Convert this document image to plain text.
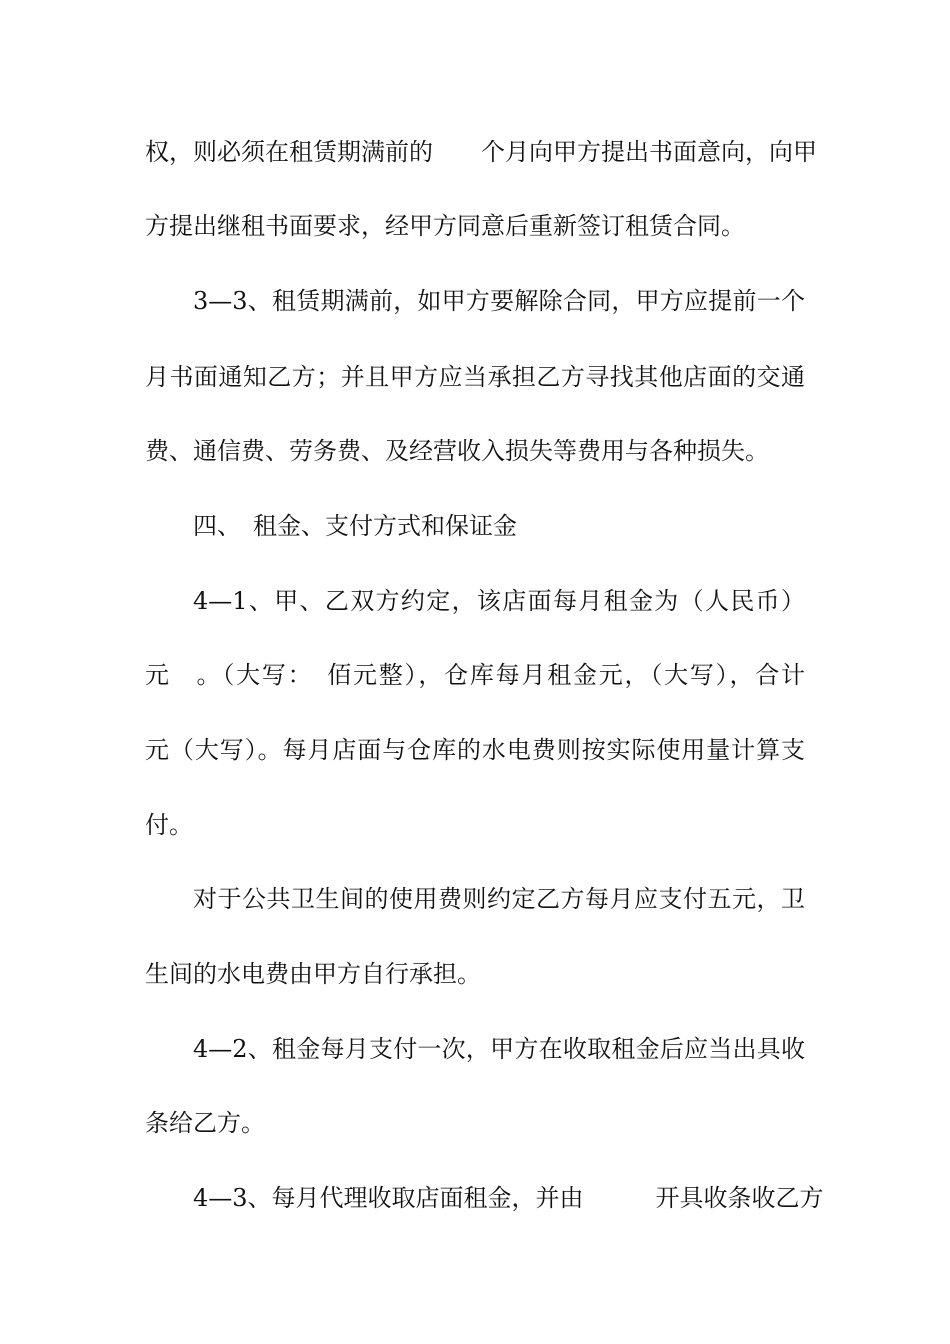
权，则必须在租赁期满前的　　个月向甲方提出书面意向，向甲
方提出继租书面要求，经甲方同意后重新签订租赁合同。
3—3、租赁期满前，如甲方要解除合同，甲方应提前一个
月书面通知乙方；并且甲方应当承担乙方寻找其他店面的交通
费、通信费、劳务费、及经营收入损失等费用与各种损失。
四、　租金、支付方式和保证金
4—1、甲、乙双方约定，该店面每月租金为（人民币）
元　。（大写：　佰元整），仓库每月租金元，（大写），合计
元（大写）。每月店面与仓库的水电费则按实际使用量计算支
付。
对于公共卫生间的使用费则约定乙方每月应支付五元，卫
生间的水电费由甲方自行承担。
4—2、租金每月支付一次，甲方在收取租金后应当出具收
条给乙方。
4—3、每月代理收取店面租金，并由　　　开具收条收乙方
